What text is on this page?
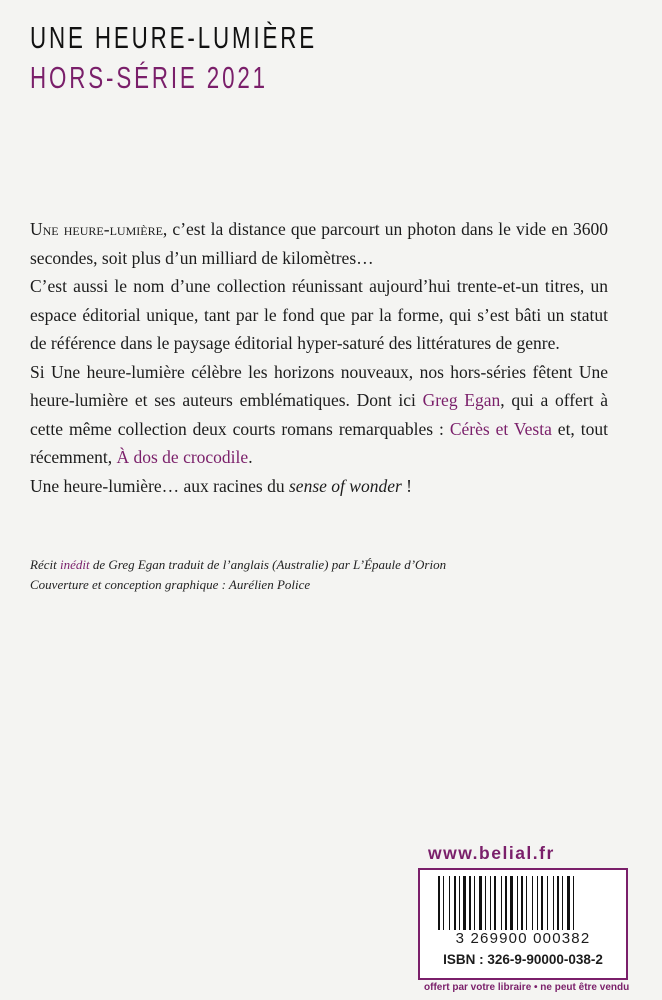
UNE HEURE-LUMIÈRE
HORS-SÉRIE 2021

Une heure-lumière, c’est la distance que parcourt un photon dans le vide en 3600 secondes, soit plus d’un milliard de kilomètres…

C’est aussi le nom d’une collection réunissant aujourd’hui trente-et-un titres, un espace éditorial unique, tant par le fond que par la forme, qui s’est bâti un statut de référence dans le paysage éditorial hyper-saturé des littératures de genre.

Si Une heure-lumière célèbre les horizons nouveaux, nos hors-séries fêtent Une heure-lumière et ses auteurs emblématiques. Dont ici Greg Egan, qui a offert à cette même collection deux courts romans remarquables : Cérès et Vesta et, tout récemment, À dos de crocodile.

Une heure-lumière… aux racines du sense of wonder !

Récit inédit de Greg Egan traduit de l’anglais (Australie) par L’Épaule d’Orion

Couverture et conception graphique : Aurélien Police

www.belial.fr
3 269900 000382
ISBN : 326-9-90000-038-2
offert par votre libraire • ne peut être vendu
